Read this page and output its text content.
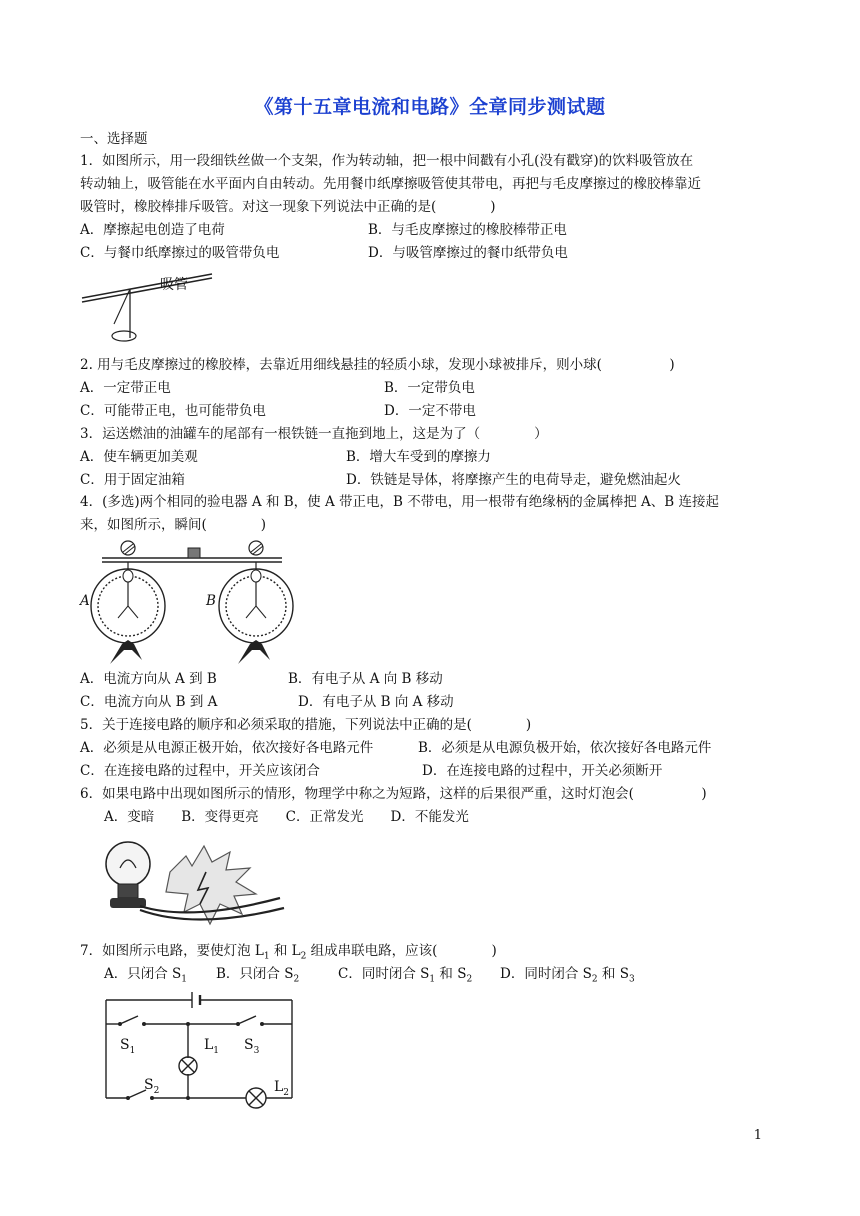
《第十五章电流和电路》全章同步测试题
一、选择题
1．如图所示，用一段细铁丝做一个支架，作为转动轴，把一根中间戳有小孔(没有戳穿)的饮料吸管放在
转动轴上，吸管能在水平面内自由转动。先用餐巾纸摩擦吸管使其带电，再把与毛皮摩擦过的橡胶棒靠近
吸管时，橡胶棒排斥吸管。对这一现象下列说法中正确的是(　　　　)
A．摩擦起电创造了电荷	B．与毛皮摩擦过的橡胶棒带正电
C．与餐巾纸摩擦过的吸管带负电	D．与吸管摩擦过的餐巾纸带负电
吸管
2. 用与毛皮摩擦过的橡胶棒，去靠近用细线悬挂的轻质小球，发现小球被排斥，则小球(　　　　　)
A．一定带正电	B．一定带负电
C．可能带正电，也可能带负电	D．一定不带电
3．运送燃油的油罐车的尾部有一根铁链一直拖到地上，这是为了（　　　　）
A．使车辆更加美观	B．增大车受到的摩擦力
C．用于固定油箱	D．铁链是导体，将摩擦产生的电荷导走，避免燃油起火
4．(多选)两个相同的验电器 A 和 B，使 A 带正电，B 不带电，用一根带有绝缘柄的金属棒把 A、B 连接起
来，如图所示，瞬间(　　　　)
A	B
A．电流方向从 A 到 B	B．有电子从 A 向 B 移动
C．电流方向从 B 到 A	D．有电子从 B 向 A 移动
5．关于连接电路的顺序和必须采取的措施，下列说法中正确的是(　　　　)
A．必须是从电源正极开始，依次接好各电路元件	B．必须是从电源负极开始，依次接好各电路元件
C．在连接电路的过程中，开关应该闭合	D．在连接电路的过程中，开关必须断开
6．如果电路中出现如图所示的情形，物理学中称之为短路，这样的后果很严重，这时灯泡会(　　　　　)
A．变暗　　B．变得更亮　　C．正常发光　　D．不能发光
7．如图所示电路，要使灯泡 $L_1$ 和 $L_2$ 组成串联电路，应该(　　　　)
A．只闭合 $S_1$ B．只闭合 $S_2$	C．同时闭合 $S_1$ 和 $S_2$ D．同时闭合 $S_2$ 和 $S_3$
$S_1$	$S_3$
$L_1$
$S_2$	$L_2$
1
